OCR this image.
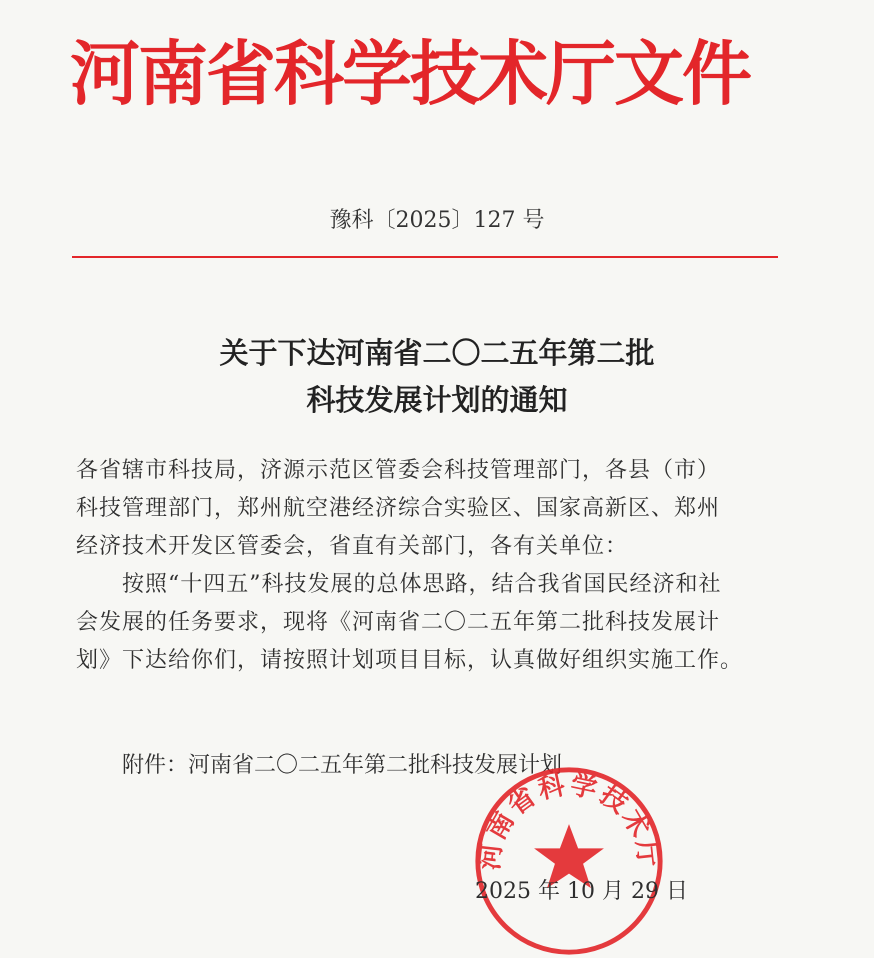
河南省科学技术厅文件
豫科〔2025〕127 号
关于下达河南省二〇二五年第二批
科技发展计划的通知
各省辖市科技局，济源示范区管委会科技管理部门，各县（市）
科技管理部门，郑州航空港经济综合实验区、国家高新区、郑州
经济技术开发区管委会，省直有关部门，各有关单位：
按照“十四五”科技发展的总体思路，结合我省国民经济和社
会发展的任务要求，现将《河南省二〇二五年第二批科技发展计
划》下达给你们，请按照计划项目目标，认真做好组织实施工作。
附件：河南省二〇二五年第二批科技发展计划
河南省科学技术厅
2025 年 10 月 29 日
